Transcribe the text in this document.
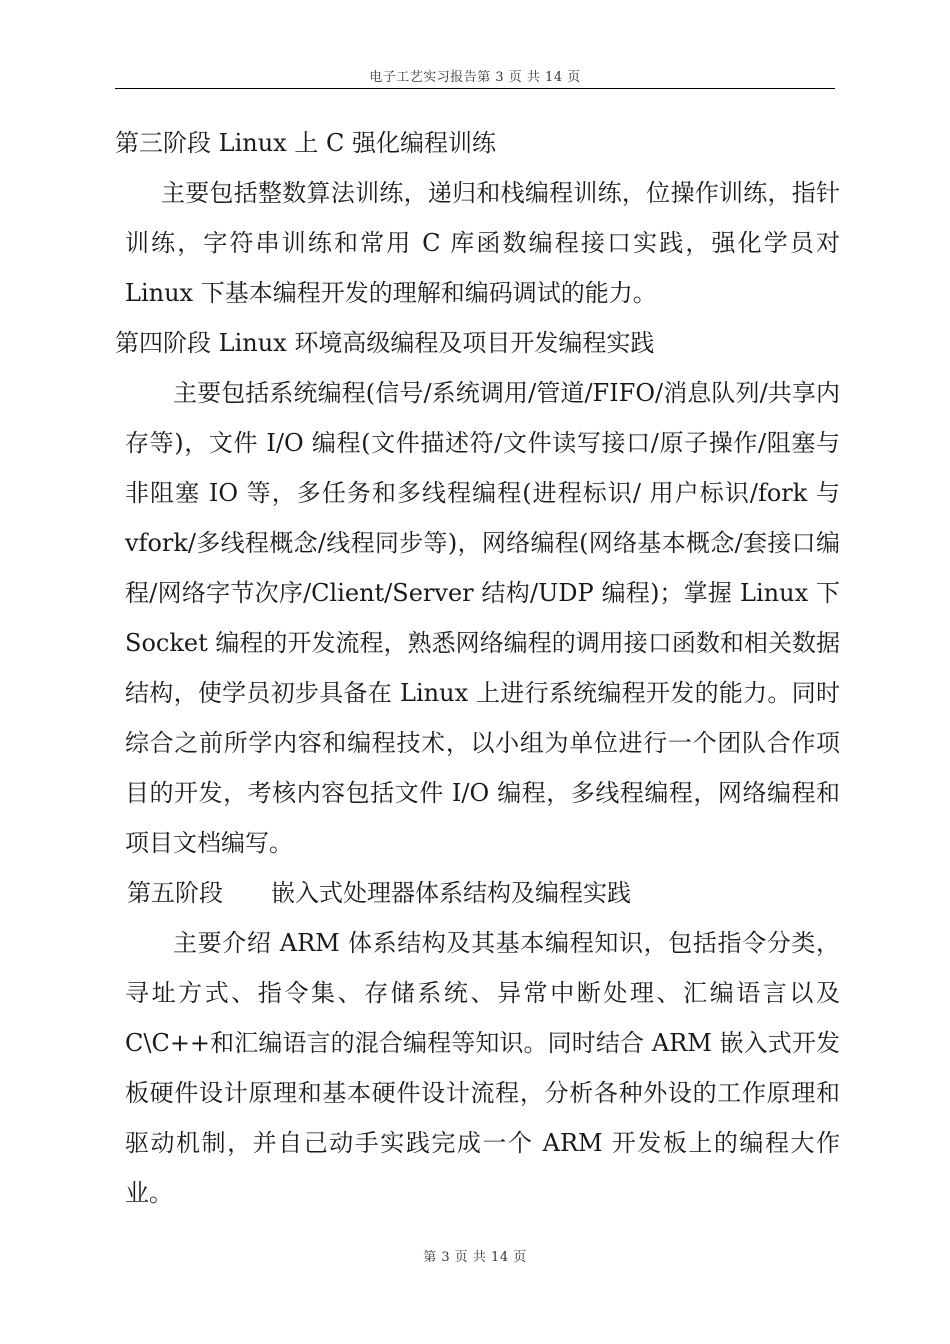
电子工艺实习报告第 3 页 共 14 页
第三阶段 Linux 上 C 强化编程训练
主要包括整数算法训练，递归和栈编程训练，位操作训练，指针训练，字符串训练和常用 C 库函数编程接口实践，强化学员对 Linux 下基本编程开发的理解和编码调试的能力。
第四阶段 Linux 环境高级编程及项目开发编程实践
主要包括系统编程(信号/系统调用/管道/FIFO/消息队列/共享内存等)，文件 I/O 编程(文件描述符/文件读写接口/原子操作/阻塞与非阻塞 IO 等，多任务和多线程编程(进程标识/ 用户标识/fork 与 vfork/多线程概念/线程同步等)，网络编程(网络基本概念/套接口编程/网络字节次序/Client/Server 结构/UDP 编程)；掌握 Linux 下 Socket 编程的开发流程，熟悉网络编程的调用接口函数和相关数据结构，使学员初步具备在 Linux 上进行系统编程开发的能力。同时综合之前所学内容和编程技术，以小组为单位进行一个团队合作项目的开发，考核内容包括文件 I/O 编程，多线程编程，网络编程和项目文档编写。
第五阶段　　嵌入式处理器体系结构及编程实践
主要介绍 ARM 体系结构及其基本编程知识，包括指令分类，寻址方式、指令集、存储系统、异常中断处理、汇编语言以及 C\C++和汇编语言的混合编程等知识。同时结合 ARM 嵌入式开发板硬件设计原理和基本硬件设计流程，分析各种外设的工作原理和驱动机制，并自己动手实践完成一个 ARM 开发板上的编程大作业。
第 3 页 共 14 页
